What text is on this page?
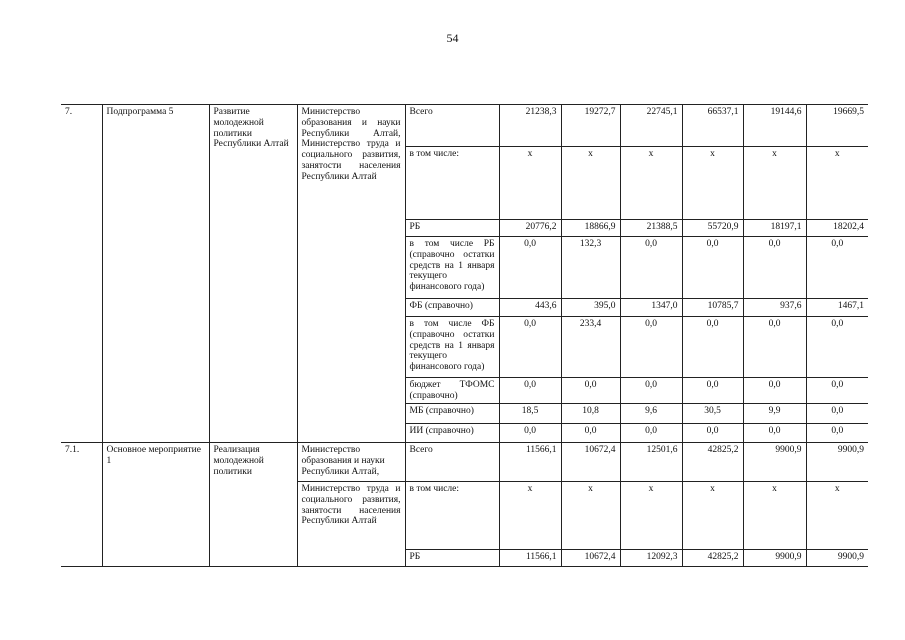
54
7.	Подпрограмма 5	Развитие молодежной политики Республики Алтай	Министерство образования и науки Республики Алтай, Министерство труда и социального развития, занятости населения Республики Алтай	Всего	21238,3	19272,7	22745,1	66537,1	19144,6	19669,5
				в том числе:	х	х	х	х	х	х
				РБ	20776,2	18866,9	21388,5	55720,9	18197,1	18202,4
				в том числе РБ (справочно остатки средств на 1 января текущего финансового года)	0,0	132,3	0,0	0,0	0,0	0,0
				ФБ (справочно)	443,6	395,0	1347,0	10785,7	937,6	1467,1
				в том числе ФБ (справочно остатки средств на 1 января текущего финансового года)	0,0	233,4	0,0	0,0	0,0	0,0
				бюджет ТФОМС (справочно)	0,0	0,0	0,0	0,0	0,0	0,0
				МБ (справочно)	18,5	10,8	9,6	30,5	9,9	0,0
				ИИ (справочно)	0,0	0,0	0,0	0,0	0,0	0,0
7.1.	Основное мероприятие 1	Реализация молодежной политики	Министерство образования и науки Республики Алтай,	Всего	11566,1	10672,4	12501,6	42825,2	9900,9	9900,9
			Министерство труда и социального развития, занятости населения Республики Алтай	в том числе:	х	х	х	х	х	х
				РБ	11566,1	10672,4	12092,3	42825,2	9900,9	9900,9
